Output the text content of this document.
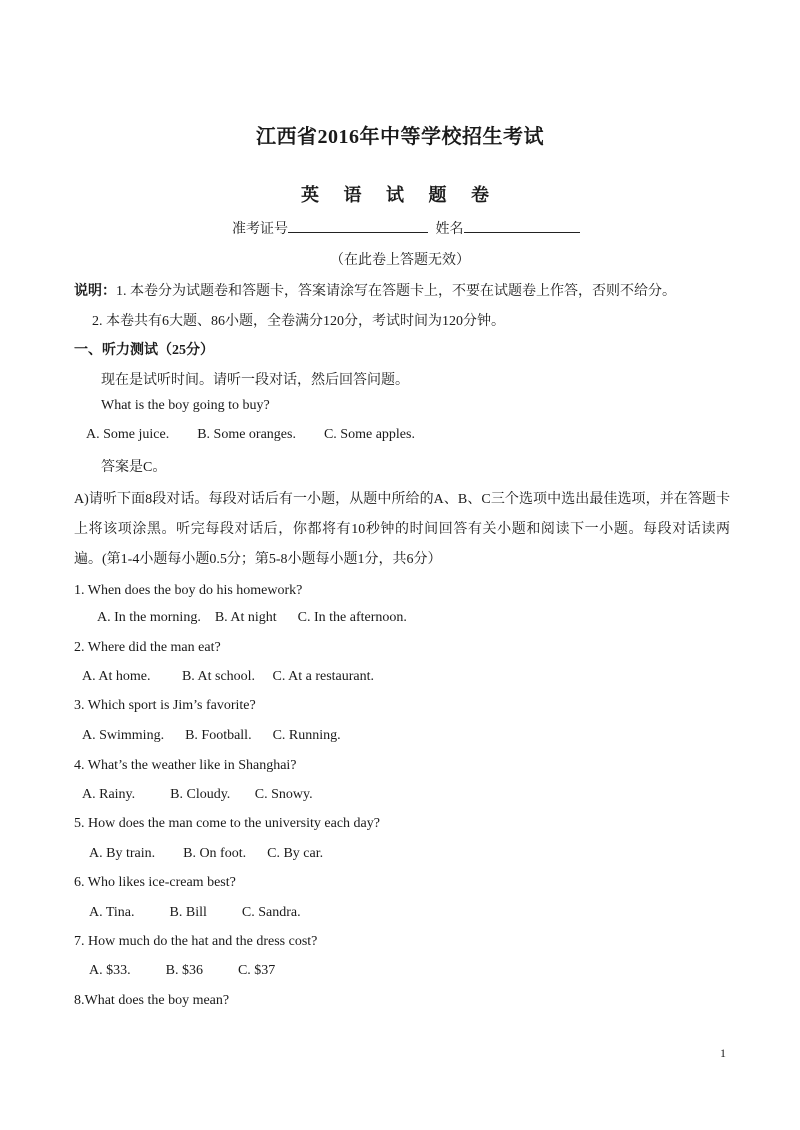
江西省2016年中等学校招生考试
英 语 试 题 卷
准考证号	姓名
（在此卷上答题无效）
说明：1. 本卷分为试题卷和答题卡，答案请涂写在答题卡上，不要在试题卷上作答，否则不给分。
2. 本卷共有6大题、86小题，全卷满分120分，考试时间为120分钟。
一、听力测试（25分）
现在是试听时间。请听一段对话，然后回答问题。
What is the boy going to buy?
A. Some juice.        B. Some oranges.        C. Some apples.
答案是C。
A)请听下面8段对话。每段对话后有一小题，从题中所给的A、B、C三个选项中选出最佳选项，并在答题卡上将该项涂黑。听完每段对话后，你都将有10秒钟的时间回答有关小题和阅读下一小题。每段对话读两遍。(第1-4小题每小题0.5分；第5-8小题每小题1分，共6分）
1. When does the boy do his homework?
A. In the morning.    B. At night      C. In the afternoon.
2. Where did the man eat?
A. At home.         B. At school.     C. At a restaurant.
3. Which sport is Jim’s favorite?
A. Swimming.      B. Football.      C. Running.
4. What’s the weather like in Shanghai?
A. Rainy.          B. Cloudy.       C. Snowy.
5. How does the man come to the university each day?
A. By train.        B. On foot.      C. By car.
6. Who likes ice-cream best?
A. Tina.          B. Bill          C. Sandra.
7. How much do the hat and the dress cost?
A. $33.          B. $36          C. $37
8.What does the boy mean?
1
